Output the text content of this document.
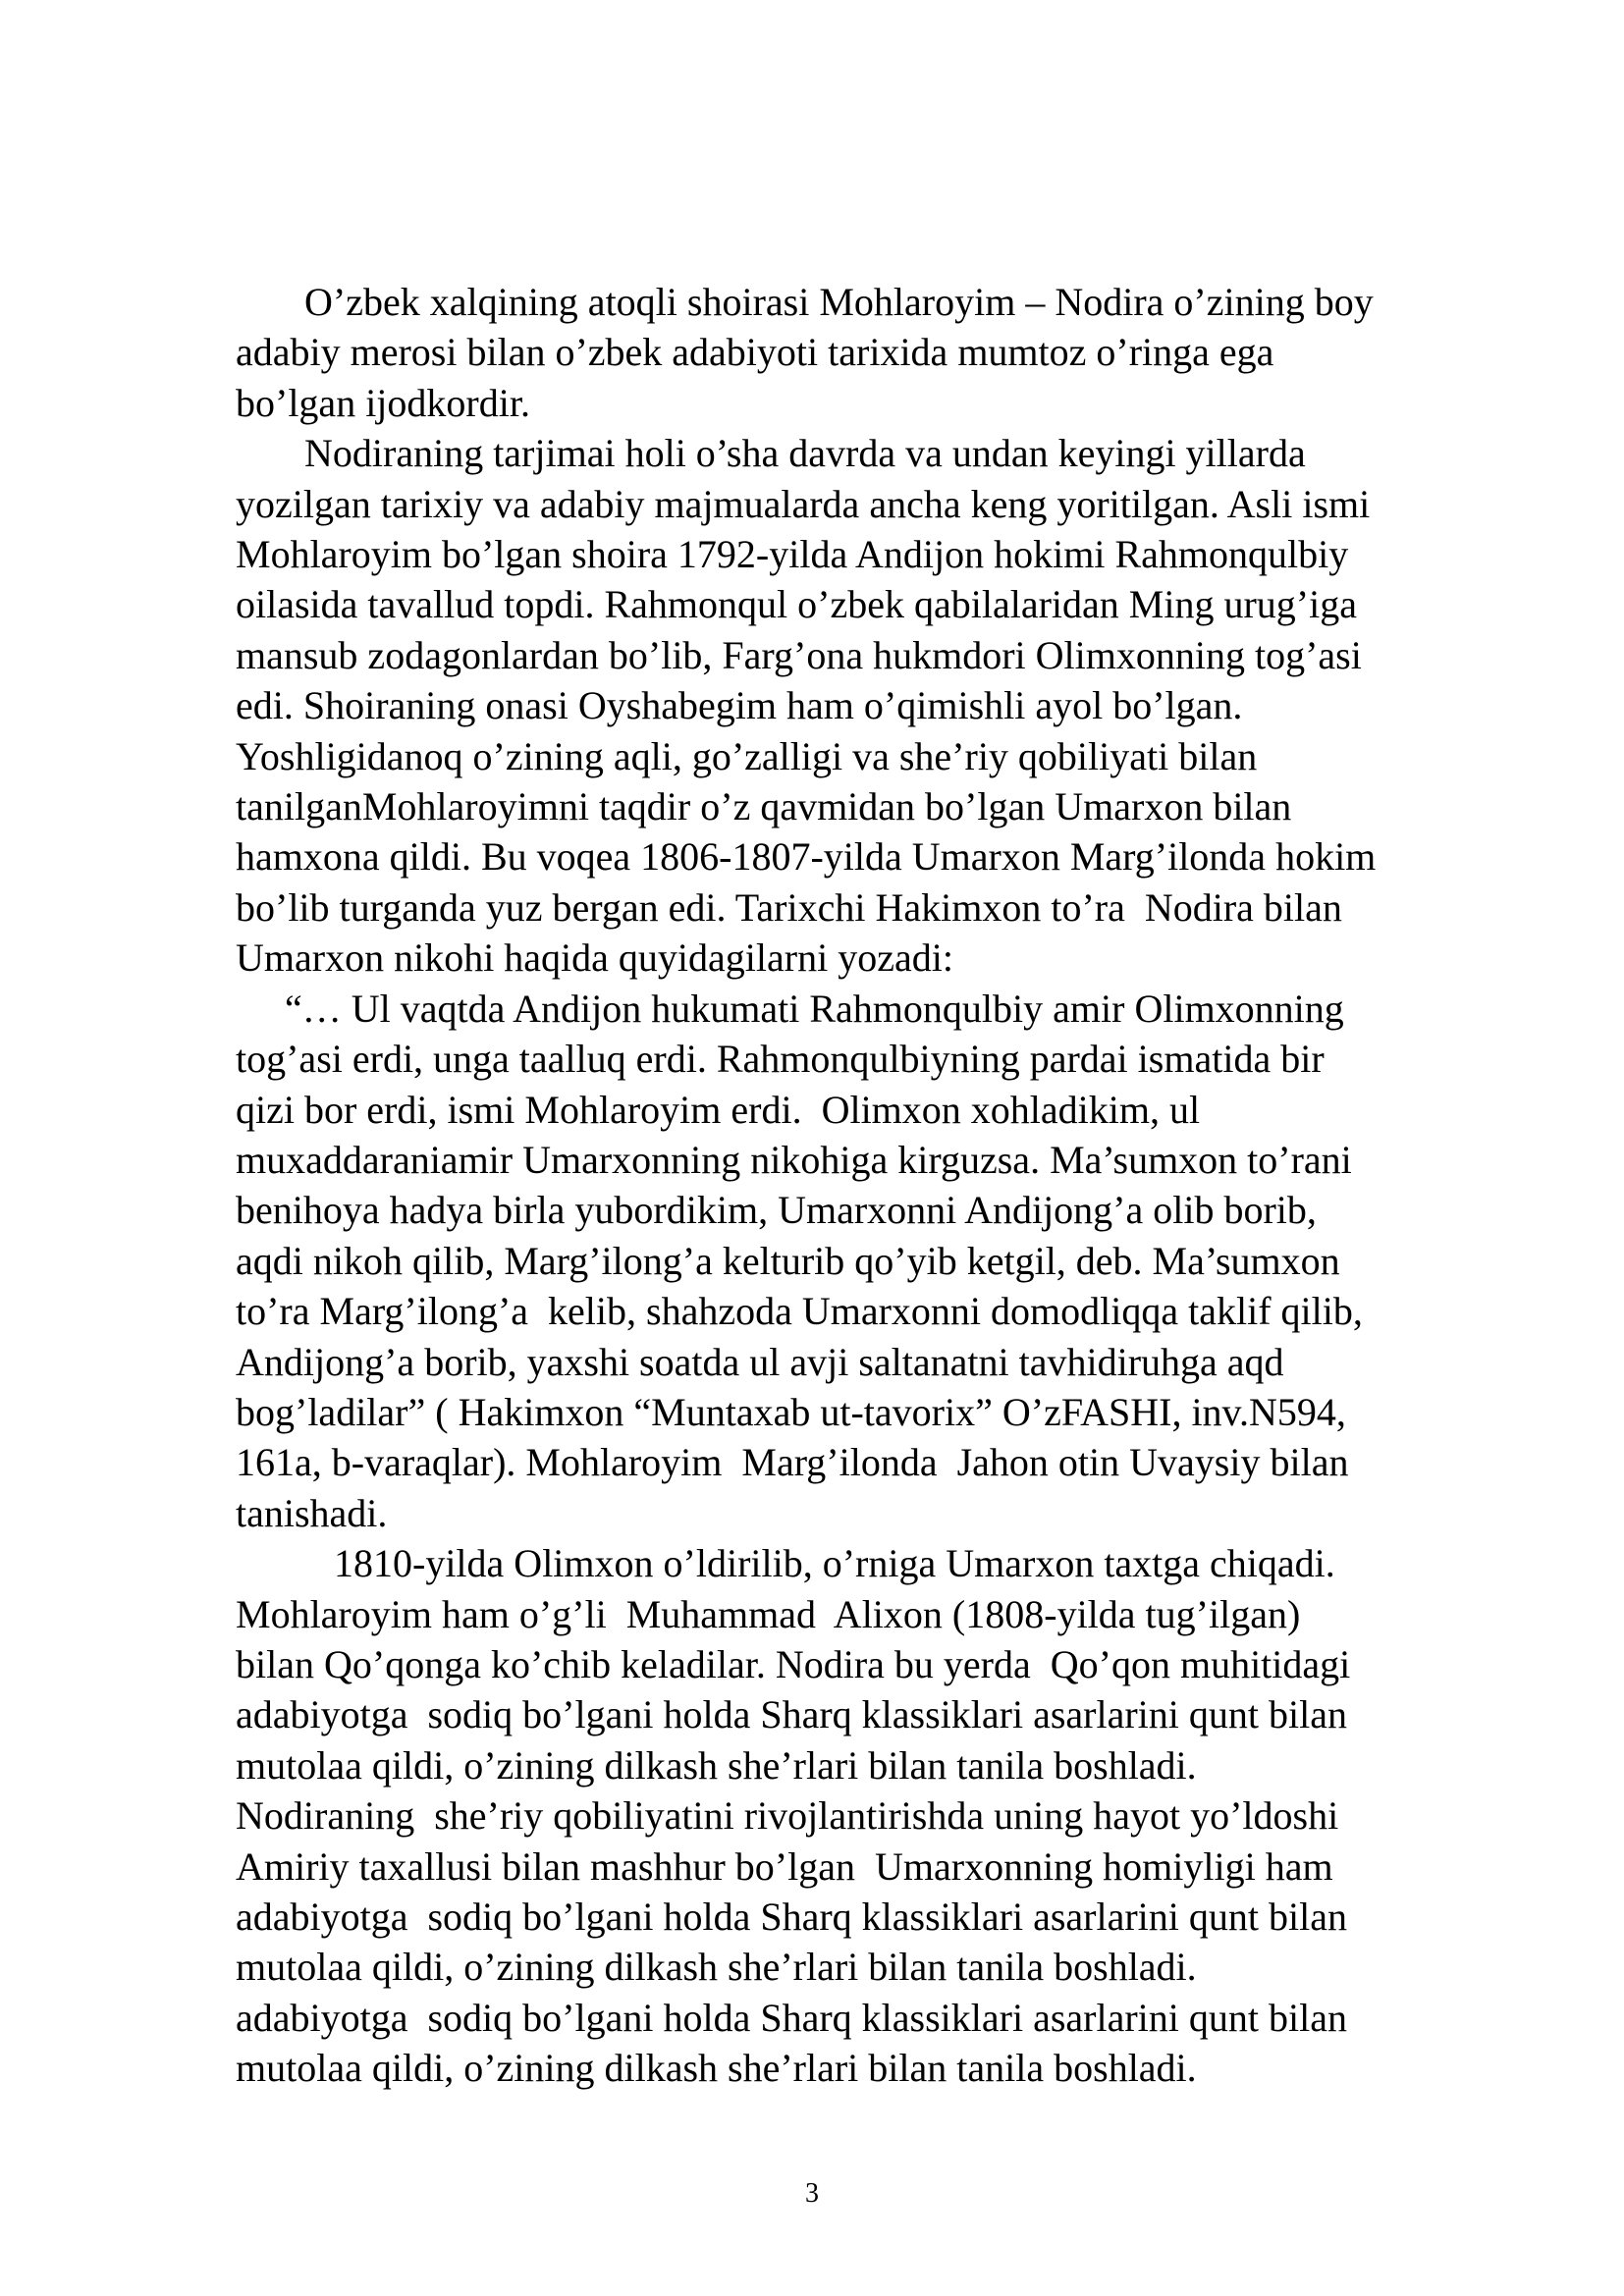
O’zbek xalqining atoqli shoirasi Mohlaroyim – Nodira o’zining boy
adabiy merosi bilan o’zbek adabiyoti tarixida mumtoz o’ringa ega
bo’lgan ijodkordir.
Nodiraning tarjimai holi o’sha davrda va undan keyingi yillarda
yozilgan tarixiy va adabiy majmualarda ancha keng yoritilgan. Asli ismi
Mohlaroyim bo’lgan shoira 1792-yilda Andijon hokimi Rahmonqulbiy
oilasida tavallud topdi. Rahmonqul o’zbek qabilalaridan Ming urug’iga
mansub zodagonlardan bo’lib, Farg’ona hukmdori Olimxonning tog’asi
edi. Shoiraning onasi Oyshabegim ham o’qimishli ayol bo’lgan.
Yoshligidanoq o’zining aqli, go’zalligi va she’riy qobiliyati bilan
tanilganMohlaroyimni taqdir o’z qavmidan bo’lgan Umarxon bilan
hamxona qildi. Bu voqea 1806-1807-yilda Umarxon Marg’ilonda hokim
bo’lib turganda yuz bergan edi. Tarixchi Hakimxon to’ra  Nodira bilan
Umarxon nikohi haqida quyidagilarni yozadi:
“… Ul vaqtda Andijon hukumati Rahmonqulbiy amir Olimxonning
tog’asi erdi, unga taalluq erdi. Rahmonqulbiyning pardai ismatida bir
qizi bor erdi, ismi Mohlaroyim erdi.  Olimxon xohladikim, ul
muxaddaraniamir Umarxonning nikohiga kirguzsa. Ma’sumxon to’rani
benihoya hadya birla yubordikim, Umarxonni Andijong’a olib borib,
aqdi nikoh qilib, Marg’ilong’a kelturib qo’yib ketgil, deb. Ma’sumxon
to’ra Marg’ilong’a  kelib, shahzoda Umarxonni domodliqqa taklif qilib,
Andijong’a borib, yaxshi soatda ul avji saltanatni tavhidiruhga aqd
bog’ladilar” ( Hakimxon “Muntaxab ut-tavorix” O’zFASHI, inv.N594,
161a, b-varaqlar). Mohlaroyim  Marg’ilonda  Jahon otin Uvaysiy bilan
tanishadi.
1810-yilda Olimxon o’ldirilib, o’rniga Umarxon taxtga chiqadi.
Mohlaroyim ham o’g’li  Muhammad  Alixon (1808-yilda tug’ilgan)
bilan Qo’qonga ko’chib keladilar. Nodira bu yerda  Qo’qon muhitidagi
adabiyotga  sodiq bo’lgani holda Sharq klassiklari asarlarini qunt bilan
mutolaa qildi, o’zining dilkash she’rlari bilan tanila boshladi.
Nodiraning  she’riy qobiliyatini rivojlantirishda uning hayot yo’ldoshi
Amiriy taxallusi bilan mashhur bo’lgan  Umarxonning homiyligi ham
adabiyotga  sodiq bo’lgani holda Sharq klassiklari asarlarini qunt bilan
mutolaa qildi, o’zining dilkash she’rlari bilan tanila boshladi.
adabiyotga  sodiq bo’lgani holda Sharq klassiklari asarlarini qunt bilan
mutolaa qildi, o’zining dilkash she’rlari bilan tanila boshladi.
3
